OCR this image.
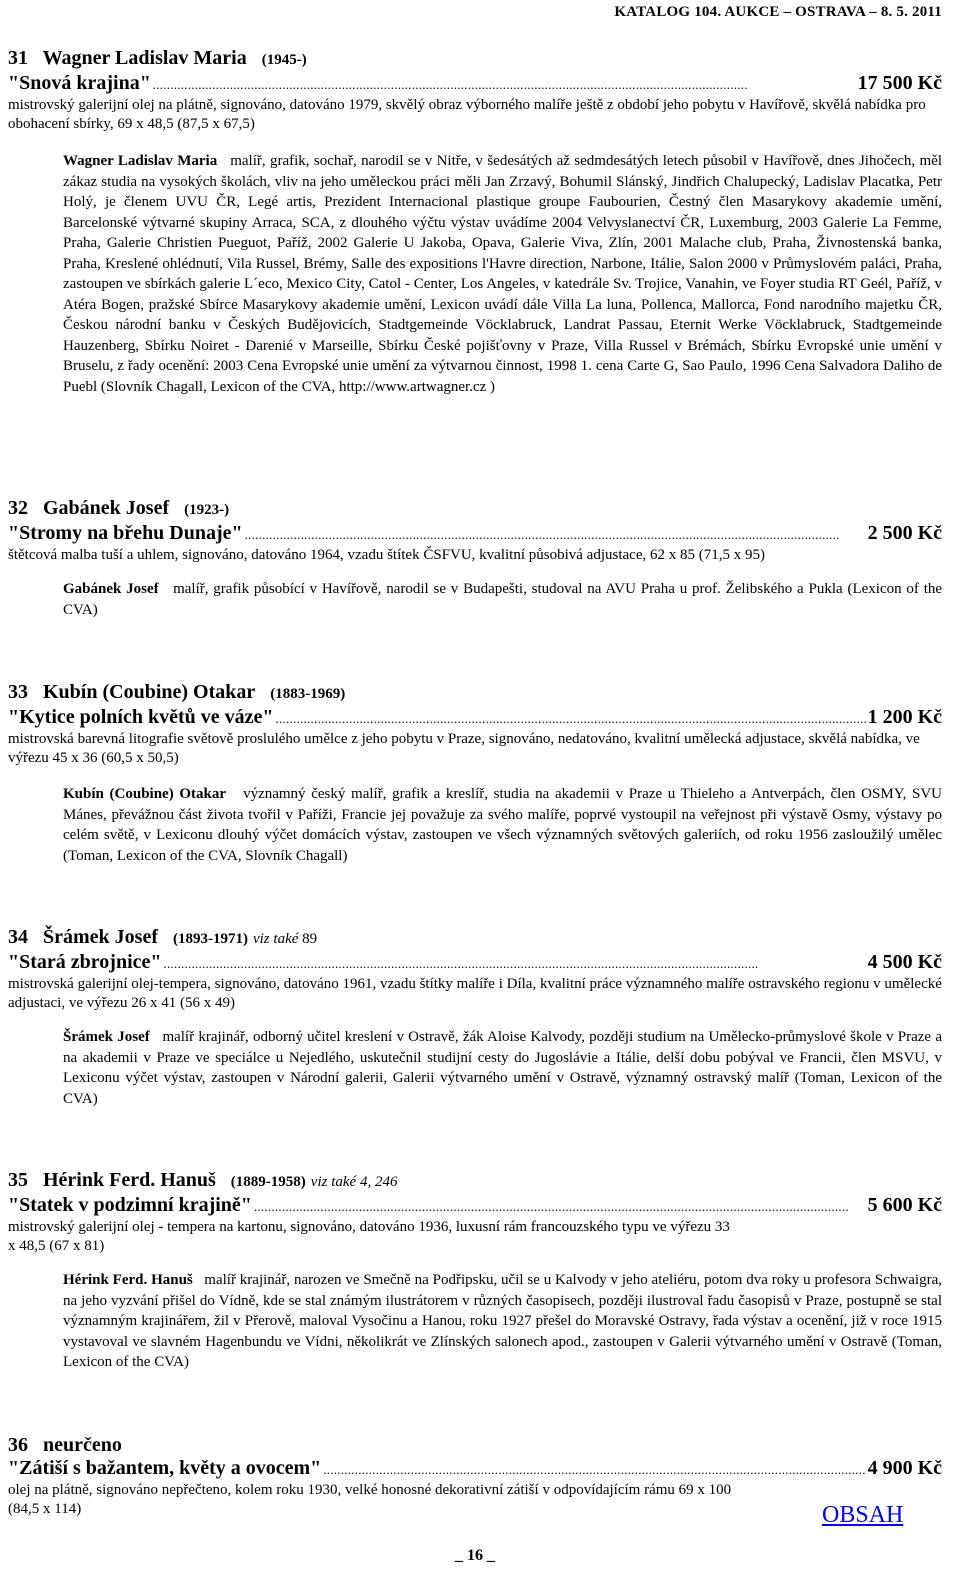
KATALOG 104. AUKCE – OSTRAVA – 8. 5. 2011
31 Wagner Ladislav Maria (1945-)
"Snová krajina" . . .	17 500 Kč
mistrovský galerijní olej na plátně, signováno, datováno 1979, skvělý obraz výborného malíře ještě z období jeho pobytu v Havířově, skvělá nabídka pro obohacení sbírky, 69 x 48,5 (87,5 x 67,5)
Wagner Ladislav Maria malíř, grafik, sochař, narodil se v Nitře, v šedesátých až sedmdesátých letech působil v Havířově, dnes Jihočech, měl zákaz studia na vysokých školách, vliv na jeho uměleckou práci měli Jan Zrzavý, Bohumil Slánský, Jindřich Chalupecký, Ladislav Placatka, Petr Holý, je členem UVU ČR, Legé artis, Prezident Internacional plastique groupe Faubourien, Čestný člen Masarykovy akademie umění, Barcelonské výtvarné skupiny Arraca, SCA, z dlouhého výčtu výstav uvádíme 2004 Velvyslanectví ČR, Luxemburg, 2003 Galerie La Femme, Praha, Galerie Christien Pueguot, Paříž, 2002 Galerie U Jakoba, Opava, Galerie Viva, Zlín, 2001 Malache club, Praha, Živnostenská banka, Praha, Kreslené ohlédnutí, Vila Russel, Brémy, Salle des expositions l'Havre direction, Narbone, Itálie, Salon 2000 v Průmyslovém paláci, Praha, zastoupen ve sbírkách galerie L´eco, Mexico City, Catol - Center, Los Angeles, v katedrále Sv. Trojice, Vanahin, ve Foyer studia RT Geél, Paříž, v Atéra Bogen, pražské Sbírce Masarykovy akademie umění, Lexicon uvádí dále Villa La luna, Pollenca, Mallorca, Fond narodního majetku ČR, Českou národní banku v Českých Budějovicích, Stadtgemeinde Vöcklabruck, Landrat Passau, Eternit Werke Vöcklabruck, Stadtgemeinde Hauzenberg, Sbírku Noiret - Darenié v Marseille, Sbírku České pojišťovny v Praze, Villa Russel v Brémách, Sbírku Evropské unie umění v Bruselu, z řady ocenění: 2003 Cena Evropské unie umění za výtvarnou činnost, 1998 1. cena Carte G, Sao Paulo, 1996 Cena Salvadora Daliho de Puebl (Slovník Chagall, Lexicon of the CVA, http://www.artwagner.cz )
32 Gabánek Josef (1923-)
"Stromy na břehu Dunaje" . . .	2 500 Kč
štětcová malba tuší a uhlem, signováno, datováno 1964, vzadu štítek ČSFVU, kvalitní působivá adjustace, 62 x 85 (71,5 x 95)
Gabánek Josef malíř, grafik působící v Havířově, narodil se v Budapešti, studoval na AVU Praha u prof. Želibského a Pukla (Lexicon of the CVA)
33 Kubín (Coubine) Otakar (1883-1969)
"Kytice polních květů ve váze" . . .	1 200 Kč
mistrovská barevná litografie světově proslulého umělce z jeho pobytu v Praze, signováno, nedatováno, kvalitní umělecká adjustace, skvělá nabídka, ve výřezu 45 x 36 (60,5 x 50,5)
Kubín (Coubine) Otakar významný český malíř, grafik a kreslíř, studia na akademii v Praze u Thieleho a Antverpách, člen OSMY, SVU Mánes, převážnou část života tvořil v Paříži, Francie jej považuje za svého malíře, poprvé vystoupil na veřejnost při výstavě Osmy, výstavy po celém světě, v Lexiconu dlouhý výčet domácích výstav, zastoupen ve všech významných světových galeriích, od roku 1956 zasloužilý umělec (Toman, Lexicon of the CVA, Slovník Chagall)
34 Šrámek Josef (1893-1971) viz také 89
"Stará zbrojnice" . . .	4 500 Kč
mistrovská galerijní olej-tempera, signováno, datováno 1961, vzadu štítky malíře i Díla, kvalitní práce významného malíře ostravského regionu v umělecké adjustaci, ve výřezu 26 x 41 (56 x 49)
Šrámek Josef malíř krajinář, odborný učitel kreslení v Ostravě, žák Aloise Kalvody, později studium na Umělecko-průmyslové škole v Praze a na akademii v Praze ve speciálce u Nejedlého, uskutečnil studijní cesty do Jugoslávie a Itálie, delší dobu pobýval ve Francii, člen MSVU, v Lexiconu výčet výstav, zastoupen v Národní galerii, Galerii výtvarného umění v Ostravě, významný ostravský malíř (Toman, Lexicon of the CVA)
35 Hérink Ferd. Hanuš (1889-1958) viz také 4, 246
"Statek v podzimní krajině" . . .	5 600 Kč
mistrovský galerijní olej - tempera na kartonu, signováno, datováno 1936, luxusní rám francouzského typu ve výřezu 33 x 48,5 (67 x 81)
Hérink Ferd. Hanuš malíř krajinář, narozen ve Smečně na Podřipsku, učil se u Kalvody v jeho ateliéru, potom dva roky u profesora Schwaigra, na jeho vyzvání přišel do Vídně, kde se stal známým ilustrátorem v různých časopisech, později ilustroval řadu časopisů v Praze, postupně se stal významným krajinářem, žil v Přerově, maloval Vysočinu a Hanou, roku 1927 přešel do Moravské Ostravy, řada výstav a ocenění, již v roce 1915 vystavoval ve slavném Hagenbundu ve Vídni, několikrát ve Zlínských salonech apod., zastoupen v Galerii výtvarného umění v Ostravě (Toman, Lexicon of the CVA)
36 neurčeno
"Zátiší s bažantem, květy a ovocem" . . .	4 900 Kč
olej na plátně, signováno nepřečteno, kolem roku 1930, velké honosné dekorativní zátiší v odpovídajícím rámu 69 x 100 (84,5 x 114)	OBSAH
_ 16 _
